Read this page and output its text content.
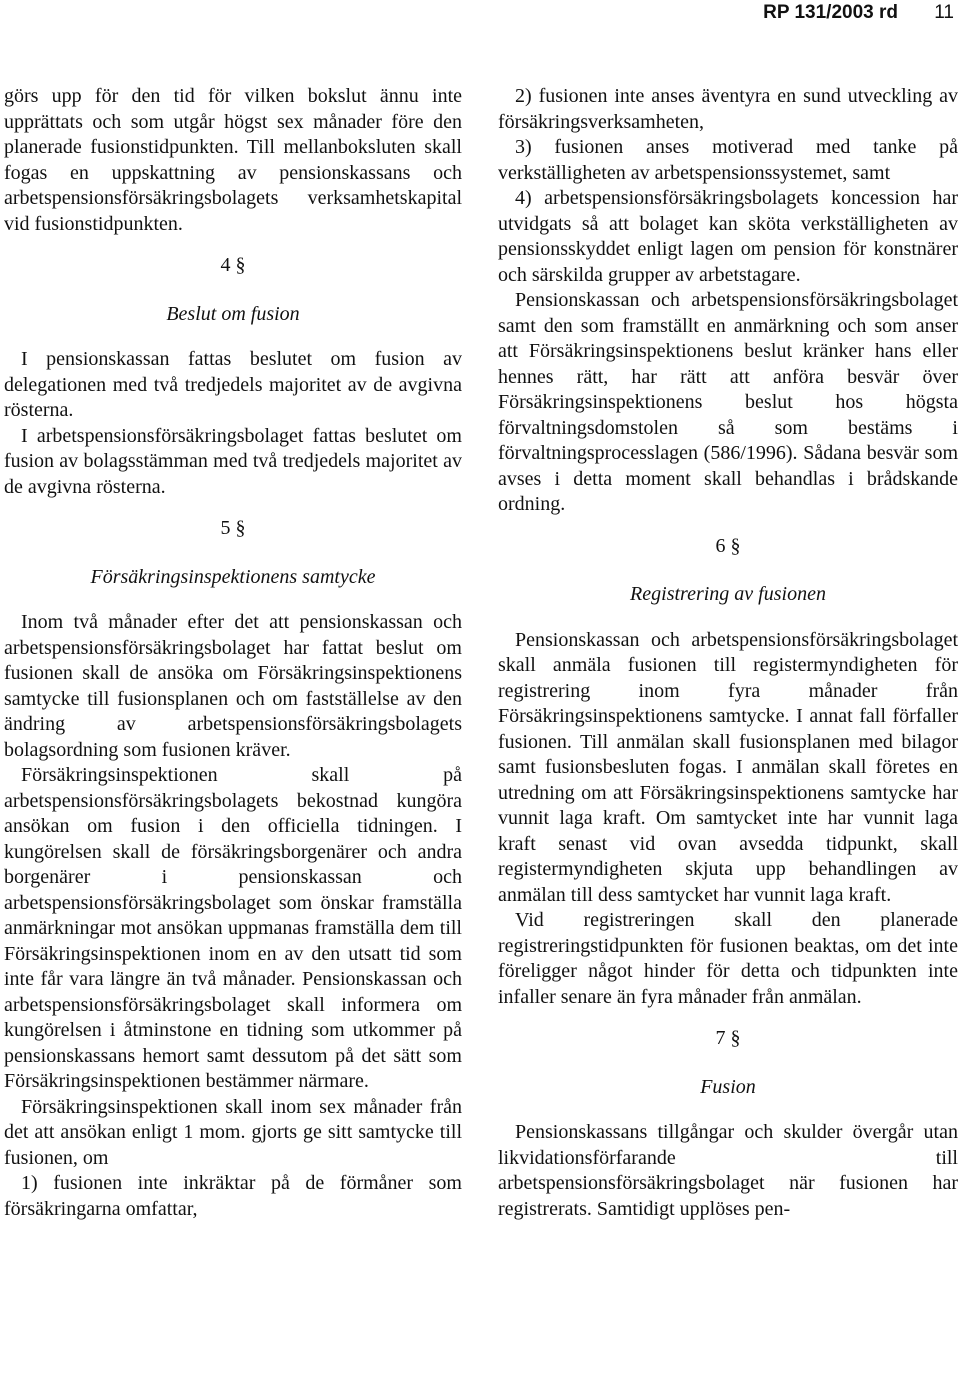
RP 131/2003 rd 11

görs upp för den tid för vilken bokslut ännu inte upprättats och som utgår högst sex månader före den planerade fusionstidpunkten. Till mellanboksluten skall fogas en uppskattning av pensionskassans och arbetspensionsförsäkringsbolagets verksamhetskapital vid fusionstidpunkten.

4 §
Beslut om fusion

I pensionskassan fattas beslutet om fusion av delegationen med två tredjedels majoritet av de avgivna rösterna.

I arbetspensionsförsäkringsbolaget fattas beslutet om fusion av bolagsstämman med två tredjedels majoritet av de avgivna rösterna.

5 §
Försäkringsinspektionens samtycke

Inom två månader efter det att pensionskassan och arbetspensionsförsäkringsbolaget har fattat beslut om fusionen skall de ansöka om Försäkringsinspektionens samtycke till fusionsplanen och om fastställelse av den ändring av arbetspensionsförsäkringsbolagets bolagsordning som fusionen kräver.

Försäkringsinspektionen skall på arbetspensionsförsäkringsbolagets bekostnad kungöra ansökan om fusion i den officiella tidningen. I kungörelsen skall de försäkringsborgenärer och andra borgenärer i pensionskassan och arbetspensionsförsäkringsbolaget som önskar framställa anmärkningar mot ansökan uppmanas framställa dem till Försäkringsinspektionen inom en av den utsatt tid som inte får vara längre än två månader. Pensionskassan och arbetspensionsförsäkringsbolaget skall informera om kungörelsen i åtminstone en tidning som utkommer på pensionskassans hemort samt dessutom på det sätt som Försäkringsinspektionen bestämmer närmare.

Försäkringsinspektionen skall inom sex månader från det att ansökan enligt 1 mom. gjorts ge sitt samtycke till fusionen, om

1) fusionen inte inkräktar på de förmåner som försäkringarna omfattar,

2) fusionen inte anses äventyra en sund utveckling av försäkringsverksamheten,

3) fusionen anses motiverad med tanke på verkställigheten av arbetspensionssystemet, samt

4) arbetspensionsförsäkringsbolagets koncession har utvidgats så att bolaget kan sköta verkställigheten av pensionsskyddet enligt lagen om pension för konstnärer och särskilda grupper av arbetstagare.

Pensionskassan och arbetspensionsförsäkringsbolaget samt den som framställt en anmärkning och som anser att Försäkringsinspektionens beslut kränker hans eller hennes rätt, har rätt att anföra besvär över Försäkringsinspektionens beslut hos högsta förvaltningsdomstolen så som bestäms i förvaltningsprocesslagen (586/1996). Sådana besvär som avses i detta moment skall behandlas i brådskande ordning.

6 §
Registrering av fusionen

Pensionskassan och arbetspensionsförsäkringsbolaget skall anmäla fusionen till registermyndigheten för registrering inom fyra månader från Försäkringsinspektionens samtycke. I annat fall förfaller fusionen. Till anmälan skall fusionsplanen med bilagor samt fusionsbesluten fogas. I anmälan skall företes en utredning om att Försäkringsinspektionens samtycke har vunnit laga kraft. Om samtycket inte har vunnit laga kraft senast vid ovan avsedda tidpunkt, skall registermyndigheten skjuta upp behandlingen av anmälan till dess samtycket har vunnit laga kraft.

Vid registreringen skall den planerade registreringstidpunkten för fusionen beaktas, om det inte föreligger något hinder för detta och tidpunkten inte infaller senare än fyra månader från anmälan.

7 §
Fusion

Pensionskassans tillgångar och skulder övergår utan likvidationsförfarande till arbetspensionsförsäkringsbolaget när fusionen har registrerats. Samtidigt upplöses pen-
